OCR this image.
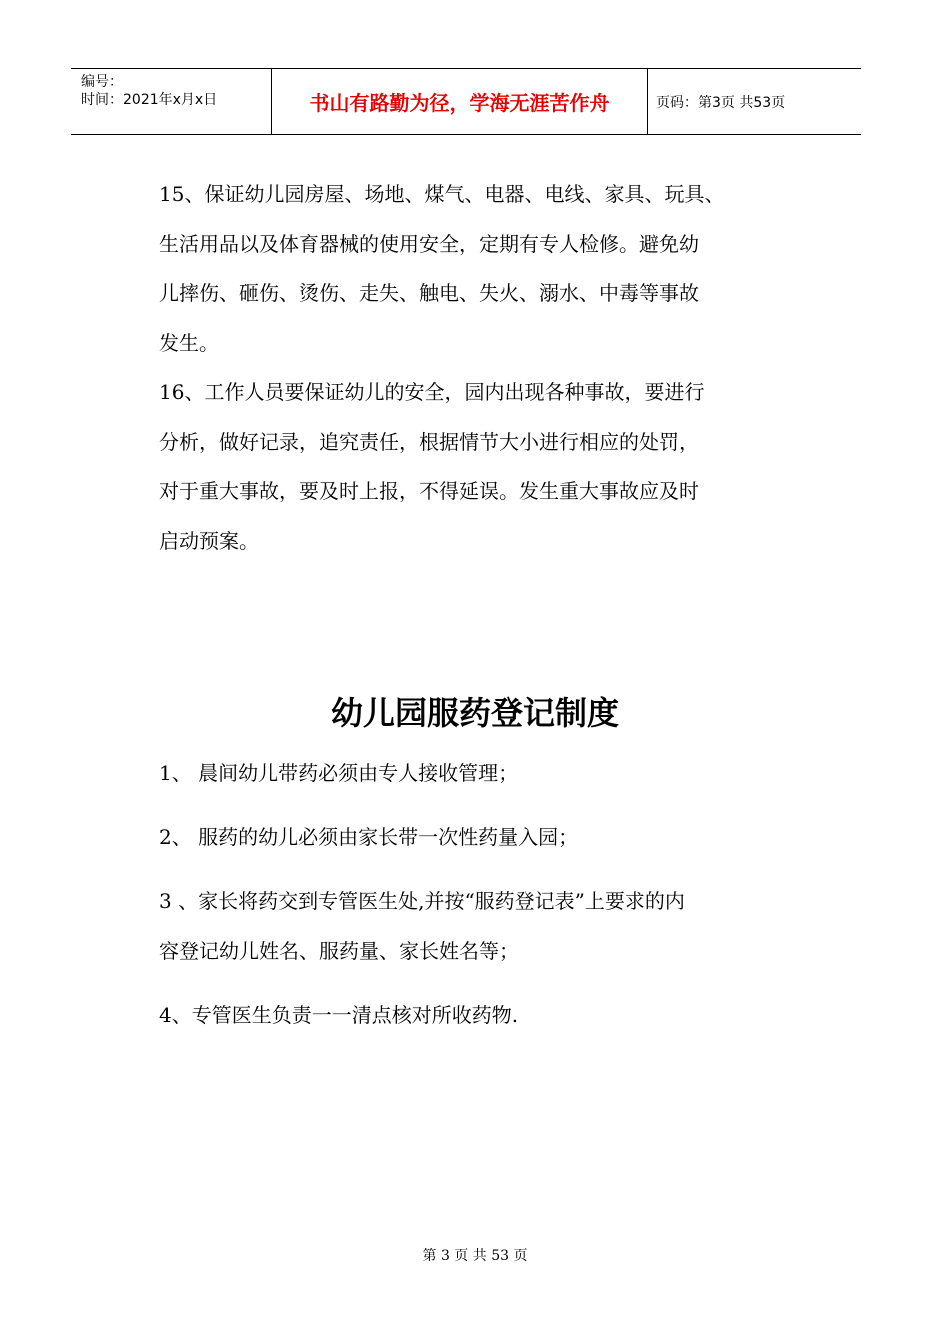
编号：
时间：2021年x月x日	书山有路勤为径，学海无涯苦作舟	页码：第3页 共53页

15、保证幼儿园房屋、场地、煤气、电器、电线、家具、玩具、

生活用品以及体育器械的使用安全，定期有专人检修。避免幼

儿摔伤、砸伤、烫伤、走失、触电、失火、溺水、中毒等事故

发生。

16、工作人员要保证幼儿的安全，园内出现各种事故，要进行

分析，做好记录，追究责任，根据情节大小进行相应的处罚，

对于重大事故，要及时上报，不得延误。发生重大事故应及时

启动预案。

幼儿园服药登记制度
1、 晨间幼儿带药必须由专人接收管理；
2、 服药的幼儿必须由家长带一次性药量入园；
3 、家长将药交到专管医生处,并按“服药登记表”上要求的内
容登记幼儿姓名、服药量、家长姓名等；
4、专管医生负责一一清点核对所收药物.
第 3 页 共 53 页
